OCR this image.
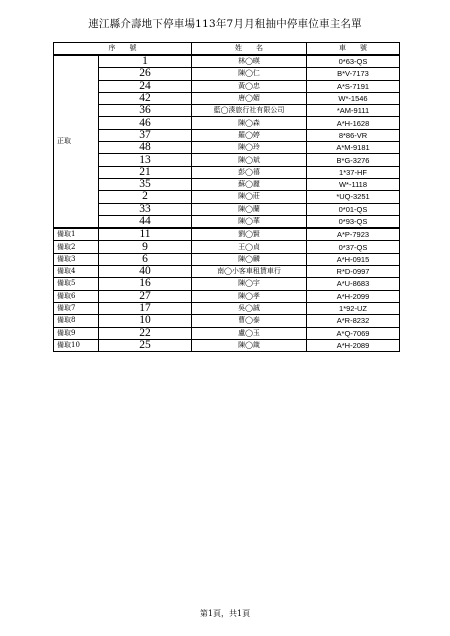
連江縣介壽地下停車場113年7月月租抽中停車位車主名單
序　　號		姓　　名	車　　號
正取	1	林◯暎	0*63-QS
	26	陳◯仁	B*V-7173
	24	黃◯忠	A*S-7191
	42	唐◯媚	W*-1546
	36	藍◯湊旅行社有限公司	*AM-9111
	46	陳◯森	A*H-1628
	37	羅◯婷	8*86-VR
	48	陳◯玲	A*M-9181
	13	陳◯斌	B*G-3276
	21	彭◯禧	1*37-HF
	35	蘇◯麗	W*-1118
	2	陳◯莊	*UQ-3251
	33	陳◯蘭	0*01-QS
	44	陳◯華	0*93-QS
備取1	11	劉◯賢	A*P-7923
備取2	9	王◯貞	0*37-QS
備取3	6	陳◯麟	A*H-0915
備取4	40	南◯小客車租賃車行	R*D-0997
備取5	16	陳◯宇	A*U-8683
備取6	27	陳◯孝	A*H-2099
備取7	17	吳◯誠	1*92-UZ
備取8	10	曹◯泰	A*R-8232
備取9	22	盧◯玉	A*Q-7069
備取10	25	陳◯箴	A*H-2089
第1頁，共1頁
